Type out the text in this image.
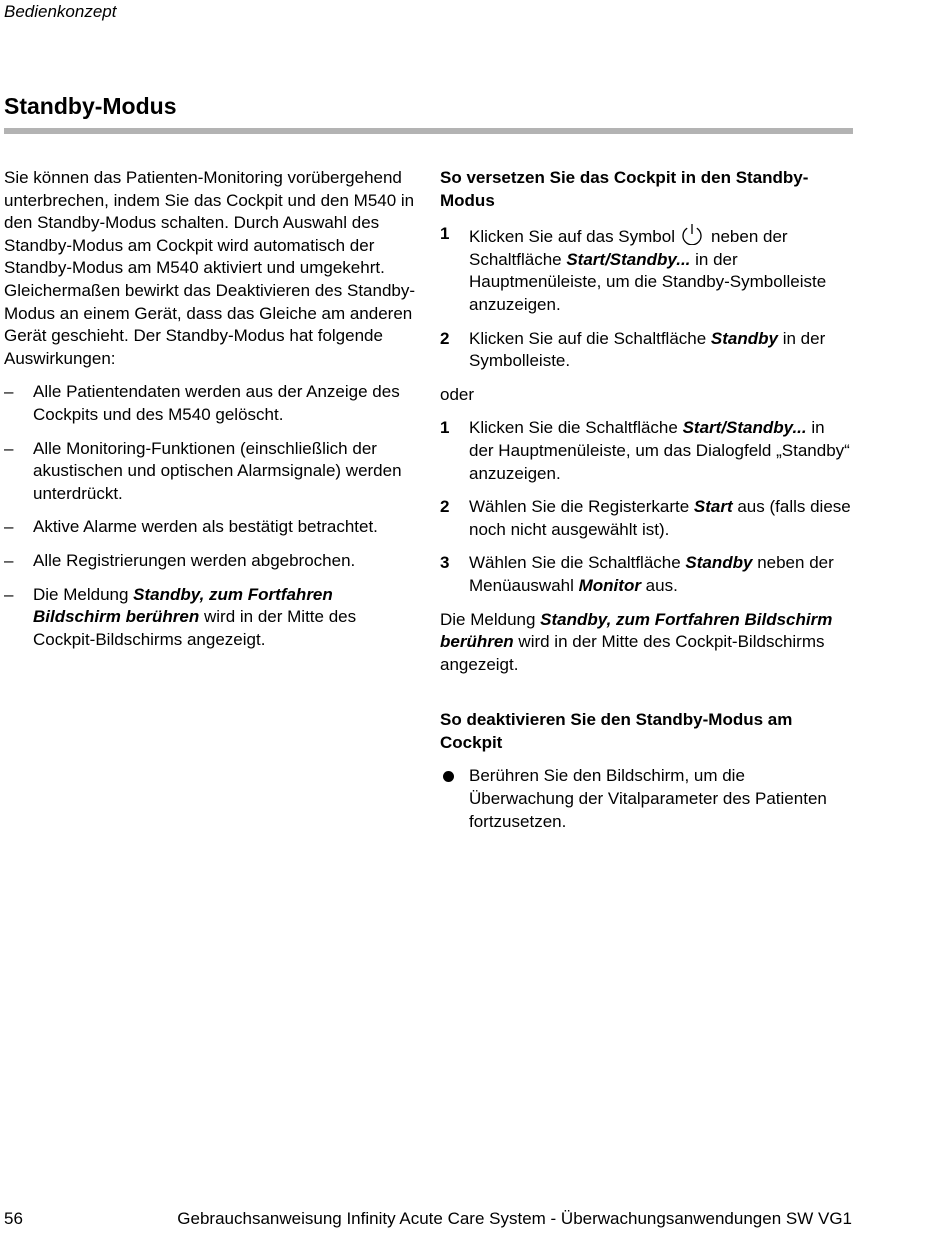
Bedienkonzept
Standby-Modus

Sie können das Patienten-Monitoring vorübergehend unterbrechen, indem Sie das Cockpit und den M540 in den Standby-Modus schalten. Durch Auswahl des Standby-Modus am Cockpit wird automatisch der Standby-Modus am M540 aktiviert und umgekehrt. Gleichermaßen bewirkt das Deaktivieren des Standby-Modus an einem Gerät, dass das Gleiche am anderen Gerät geschieht. Der Standby-Modus hat folgende Auswirkungen:

– Alle Patientendaten werden aus der Anzeige des Cockpits und des M540 gelöscht.
– Alle Monitoring-Funktionen (einschließlich der akustischen und optischen Alarmsignale) werden unterdrückt.
– Aktive Alarme werden als bestätigt betrachtet.
– Alle Registrierungen werden abgebrochen.
– Die Meldung Standby, zum Fortfahren Bildschirm berühren wird in der Mitte des Cockpit-Bildschirms angezeigt.

So versetzen Sie das Cockpit in den Standby-Modus

1 Klicken Sie auf das Symbol neben der Schaltfläche Start/Standby... in der Hauptmenüleiste, um die Standby-Symbolleiste anzuzeigen.
2 Klicken Sie auf die Schaltfläche Standby in der Symbolleiste.

oder

1 Klicken Sie die Schaltfläche Start/Standby... in der Hauptmenüleiste, um das Dialogfeld „Standby“ anzuzeigen.
2 Wählen Sie die Registerkarte Start aus (falls diese noch nicht ausgewählt ist).
3 Wählen Sie die Schaltfläche Standby neben der Menüauswahl Monitor aus.

Die Meldung Standby, zum Fortfahren Bildschirm berühren wird in der Mitte des Cockpit-Bildschirms angezeigt.

So deaktivieren Sie den Standby-Modus am Cockpit

Berühren Sie den Bildschirm, um die Überwachung der Vitalparameter des Patienten fortzusetzen.
56	Gebrauchsanweisung Infinity Acute Care System - Überwachungsanwendungen SW VG1
